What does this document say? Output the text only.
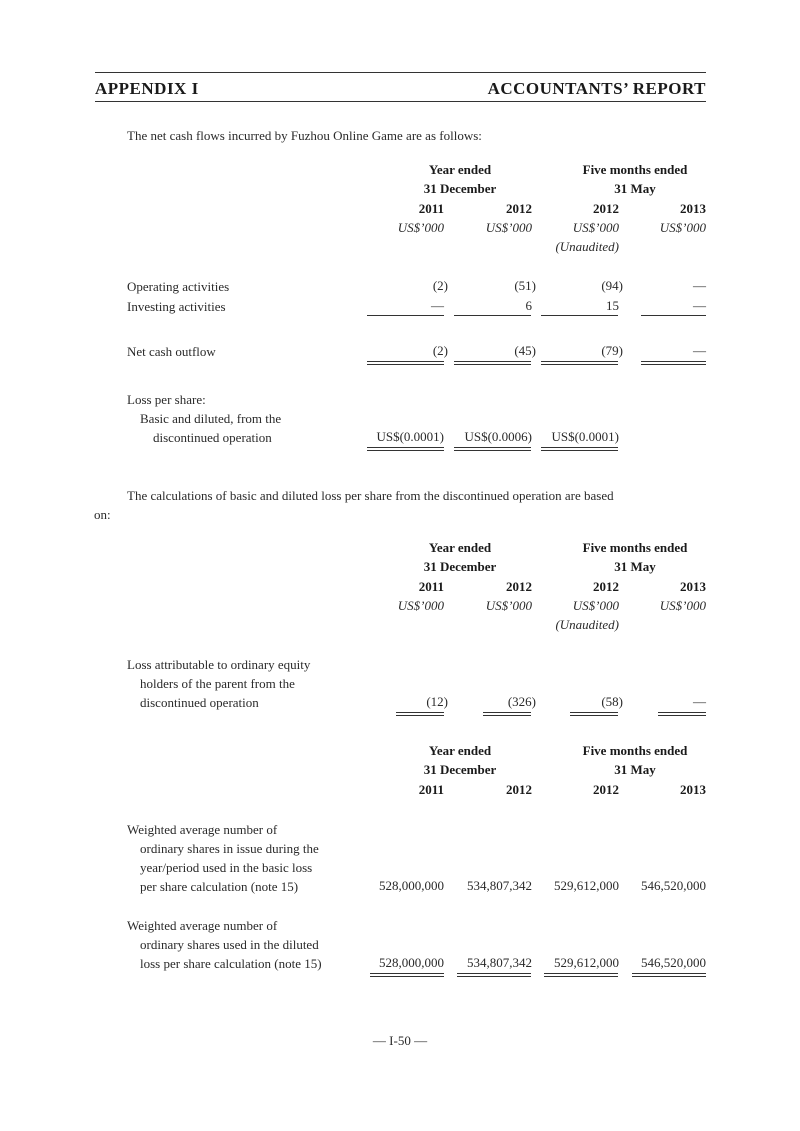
APPENDIX I	ACCOUNTANTS’ REPORT
The net cash flows incurred by Fuzhou Online Game are as follows:
Year ended
31 December
Five months ended
31 May
2011	2012	2012	2013
US$’000	US$’000	US$’000	US$’000
(Unaudited)
Operating activities	(2)	(51)	(94)	—
Investing activities	—	6	15	—
Net cash outflow	(2)	(45)	(79)	—
Loss per share:
Basic and diluted, from the
discontinued operation	US$(0.0001) US$(0.0006) US$(0.0001)
The calculations of basic and diluted loss per share from the discontinued operation are based
on:
Year ended
31 December
Five months ended
31 May
2011	2012	2012	2013
US$’000	US$’000	US$’000	US$’000
(Unaudited)
Loss attributable to ordinary equity
holders of the parent from the
discontinued operation	(12)	(326)	(58)	—
Year ended
31 December
Five months ended
31 May
2011	2012	2012	2013
Weighted average number of
ordinary shares in issue during the
year/period used in the basic loss
per share calculation (note 15)	528,000,000 534,807,342 529,612,000 546,520,000
Weighted average number of
ordinary shares used in the diluted
loss per share calculation (note 15)	528,000,000 534,807,342 529,612,000 546,520,000
— I-50 —
